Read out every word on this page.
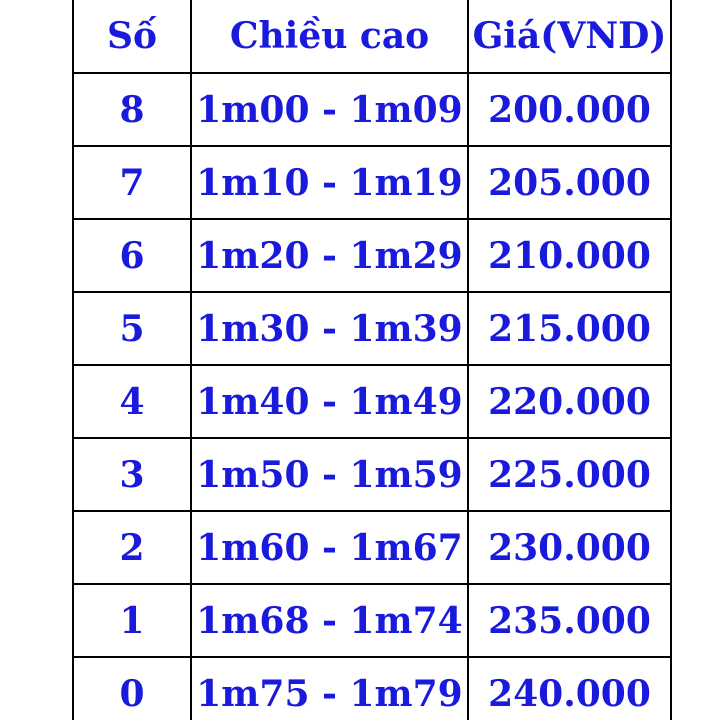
Số	Chiều cao	Giá(VND)
8	1m00 - 1m09	200.000
7	1m10 - 1m19	205.000
6	1m20 - 1m29	210.000
5	1m30 - 1m39	215.000
4	1m40 - 1m49	220.000
3	1m50 - 1m59	225.000
2	1m60 - 1m67	230.000
1	1m68 - 1m74	235.000
0	1m75 - 1m79	240.000
